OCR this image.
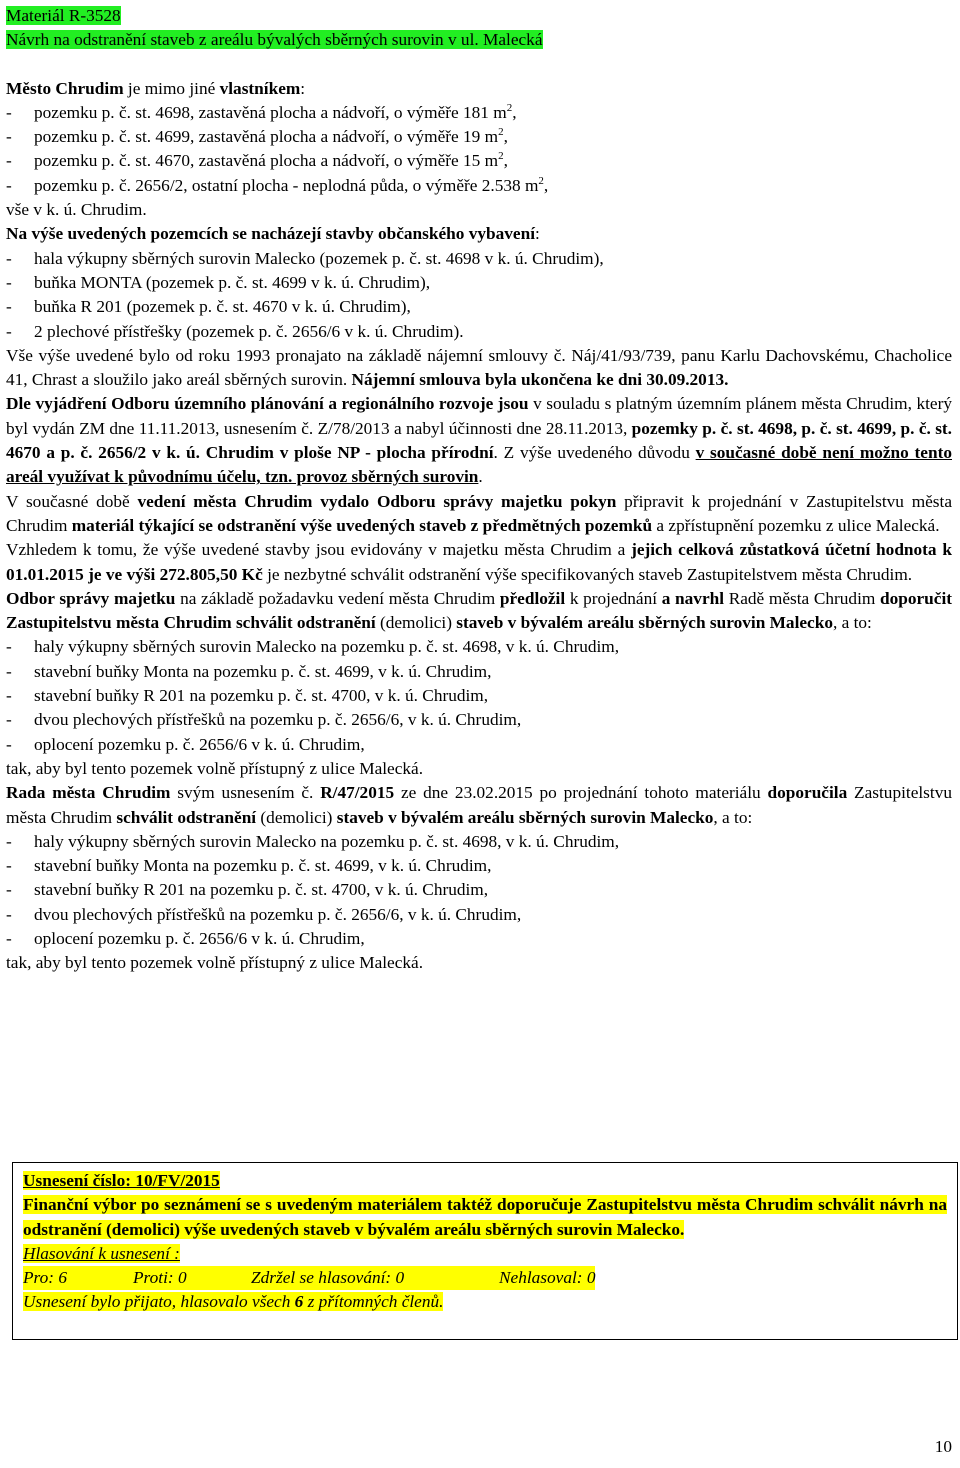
Materiál R-3528
Návrh na odstranění staveb z areálu bývalých sběrných surovin v ul. Malecká

Město Chrudim je mimo jiné vlastníkem:

- pozemku p. č. st. 4698, zastavěná plocha a nádvoří, o výměře 181 $m^2$,

- pozemku p. č. st. 4699, zastavěná plocha a nádvoří, o výměře 19 $m^2$,

- pozemku p. č. st. 4670, zastavěná plocha a nádvoří, o výměře 15 $m^2$,

- pozemku p. č. 2656/2, ostatní plocha - neplodná půda, o výměře 2.538 $m^2$,

vše v k. ú. Chrudim.

Na výše uvedených pozemcích se nacházejí stavby občanského vybavení:

- hala výkupny sběrných surovin Malecko (pozemek p. č. st. 4698 v k. ú. Chrudim),

- buňka MONTA (pozemek p. č. st. 4699 v k. ú. Chrudim),

- buňka R 201 (pozemek p. č. st. 4670 v k. ú. Chrudim),

- 2 plechové přístřešky (pozemek p. č. 2656/6 v k. ú. Chrudim).

Vše výše uvedené bylo od roku 1993 pronajato na základě nájemní smlouvy č. Náj/41/93/739, panu Karlu Dachovskému, Chacholice 41, Chrast a sloužilo jako areál sběrných surovin. Nájemní smlouva byla ukončena ke dni 30.09.2013.

Dle vyjádření Odboru územního plánování a regionálního rozvoje jsou v souladu s platným územním plánem města Chrudim, který byl vydán ZM dne 11.11.2013, usnesením č. Z/78/2013 a nabyl účinnosti dne 28.11.2013, pozemky p. č. st. 4698, p. č. st. 4699, p. č. st. 4670 a p. č. 2656/2 v k. ú. Chrudim v ploše NP - plocha přírodní. Z výše uvedeného důvodu v současné době není možno tento areál využívat k původnímu účelu, tzn. provoz sběrných surovin.

V současné době vedení města Chrudim vydalo Odboru správy majetku pokyn připravit k projednání v Zastupitelstvu města Chrudim materiál týkající se odstranění výše uvedených staveb z předmětných pozemků a zpřístupnění pozemku z ulice Malecká.

Vzhledem k tomu, že výše uvedené stavby jsou evidovány v majetku města Chrudim a jejich celková zůstatková účetní hodnota k 01.01.2015 je ve výši 272.805,50 Kč je nezbytné schválit odstranění výše specifikovaných staveb Zastupitelstvem města Chrudim.

Odbor správy majetku na základě požadavku vedení města Chrudim předložil k projednání a navrhl Radě města Chrudim doporučit Zastupitelstvu města Chrudim schválit odstranění (demolici) staveb v bývalém areálu sběrných surovin Malecko, a to:

- haly výkupny sběrných surovin Malecko na pozemku p. č. st. 4698, v k. ú. Chrudim,

- stavební buňky Monta na pozemku p. č. st. 4699, v k. ú. Chrudim,

- stavební buňky R 201 na pozemku p. č. st. 4700, v k. ú. Chrudim,

- dvou plechových přístřešků na pozemku p. č. 2656/6, v k. ú. Chrudim,

- oplocení pozemku p. č. 2656/6 v k. ú. Chrudim,

tak, aby byl tento pozemek volně přístupný z ulice Malecká.

Rada města Chrudim svým usnesením č. R/47/2015 ze dne 23.02.2015 po projednání tohoto materiálu doporučila Zastupitelstvu města Chrudim schválit odstranění (demolici) staveb v bývalém areálu sběrných surovin Malecko, a to:

- haly výkupny sběrných surovin Malecko na pozemku p. č. st. 4698, v k. ú. Chrudim,

- stavební buňky Monta na pozemku p. č. st. 4699, v k. ú. Chrudim,

- stavební buňky R 201 na pozemku p. č. st. 4700, v k. ú. Chrudim,

- dvou plechových přístřešků na pozemku p. č. 2656/6, v k. ú. Chrudim,

- oplocení pozemku p. č. 2656/6 v k. ú. Chrudim,

tak, aby byl tento pozemek volně přístupný z ulice Malecká.

Usnesení číslo: 10/FV/2015

Finanční výbor po seznámení se s uvedeným materiálem taktéž doporučuje Zastupitelstvu města Chrudim schválit návrh na odstranění (demolici) výše uvedených staveb v bývalém areálu sběrných surovin Malecko.

Hlasování k usnesení :

Pro: 6	Proti: 0	Zdržel se hlasování: 0	Nehlasoval: 0

Usnesení bylo přijato, hlasovalo všech 6 z přítomných členů.

10
